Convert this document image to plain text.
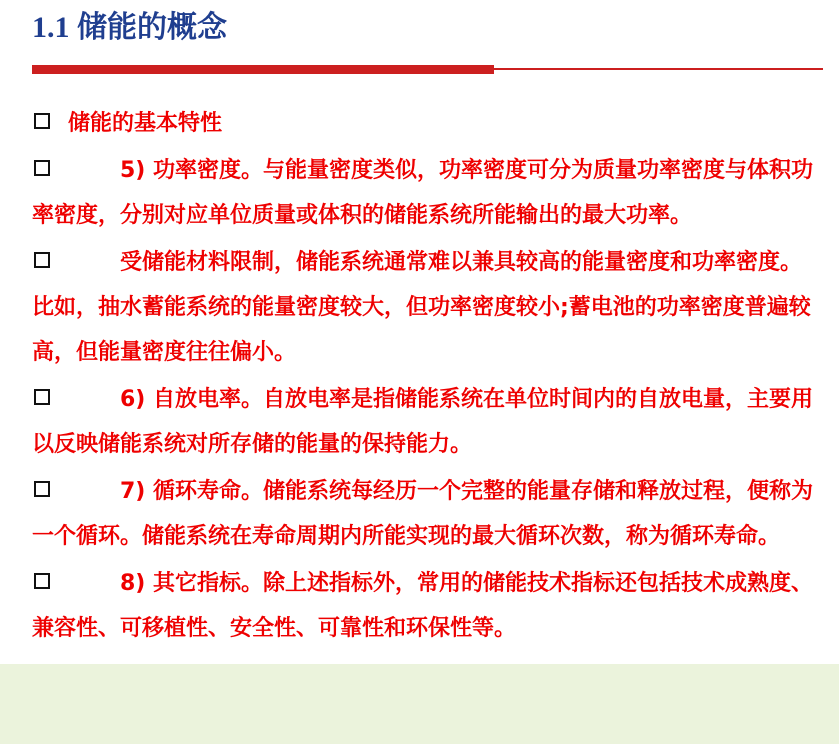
1.1 储能的概念
储能的基本特性
5) 功率密度。与能量密度类似，功率密度可分为质量功率密度与体积功率密度，分别对应单位质量或体积的储能系统所能输出的最大功率。
受储能材料限制，储能系统通常难以兼具较高的能量密度和功率密度。比如，抽水蓄能系统的能量密度较大，但功率密度较小;蓄电池的功率密度普遍较高，但能量密度往往偏小。
6) 自放电率。自放电率是指储能系统在单位时间内的自放电量，主要用以反映储能系统对所存储的能量的保持能力。
7) 循环寿命。储能系统每经历一个完整的能量存储和释放过程，便称为一个循环。储能系统在寿命周期内所能实现的最大循环次数，称为循环寿命。
8) 其它指标。除上述指标外，常用的储能技术指标还包括技术成熟度、兼容性、可移植性、安全性、可靠性和环保性等。
